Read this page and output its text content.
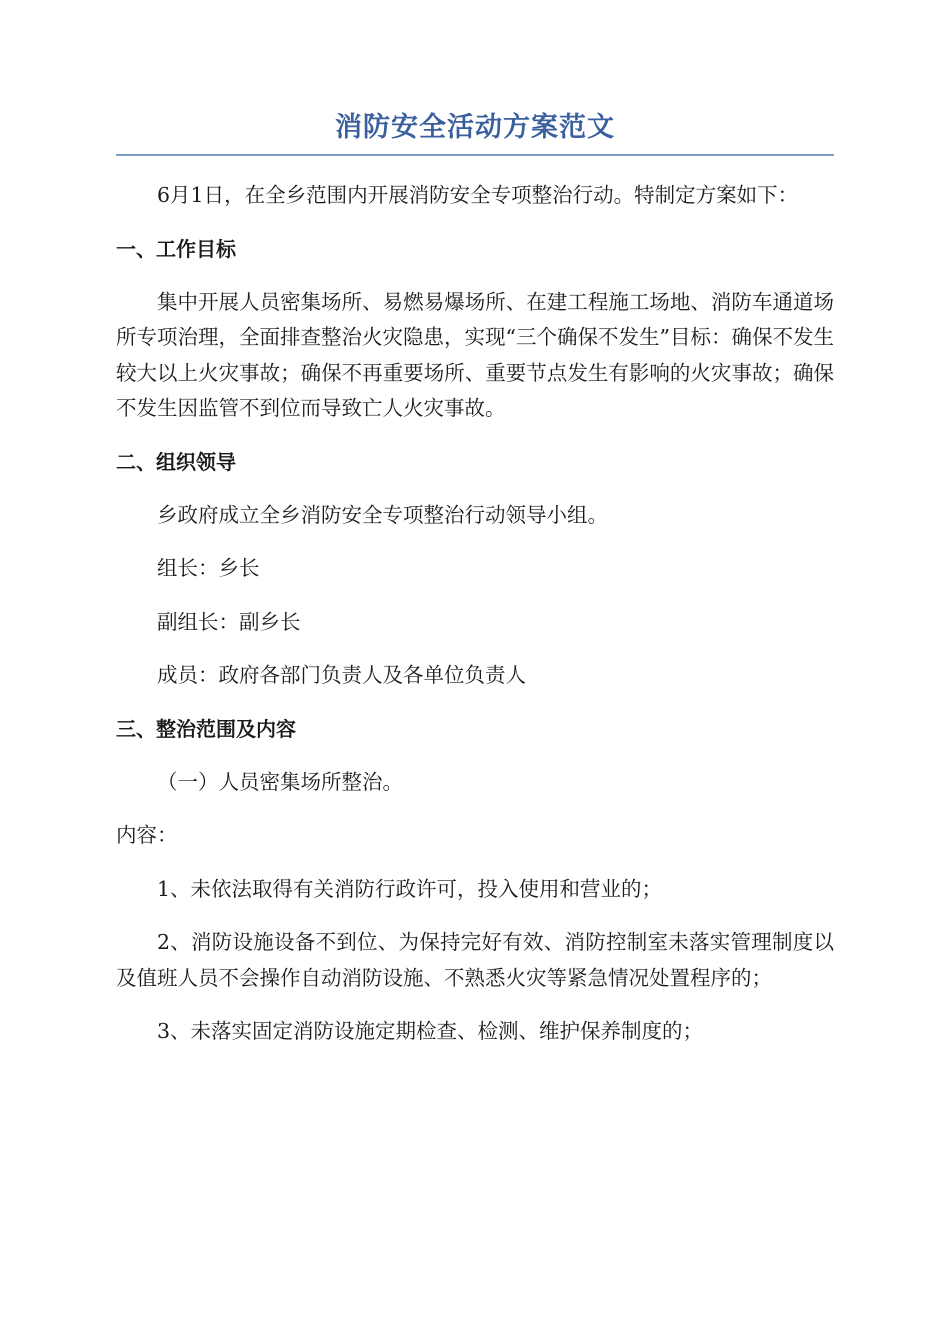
消防安全活动方案范文

6月1日，在全乡范围内开展消防安全专项整治行动。特制定方案如下：

一、工作目标

集中开展人员密集场所、易燃易爆场所、在建工程施工场地、消防车通道场所专项治理，全面排查整治火灾隐患，实现“三个确保不发生”目标：确保不发生较大以上火灾事故；确保不再重要场所、重要节点发生有影响的火灾事故；确保不发生因监管不到位而导致亡人火灾事故。

二、组织领导

乡政府成立全乡消防安全专项整治行动领导小组。

组长：乡长

副组长：副乡长

成员：政府各部门负责人及各单位负责人

三、整治范围及内容

（一）人员密集场所整治。

内容：

1、未依法取得有关消防行政许可，投入使用和营业的；

2、消防设施设备不到位、为保持完好有效、消防控制室未落实管理制度以及值班人员不会操作自动消防设施、不熟悉火灾等紧急情况处置程序的；

3、未落实固定消防设施定期检查、检测、维护保养制度的；
